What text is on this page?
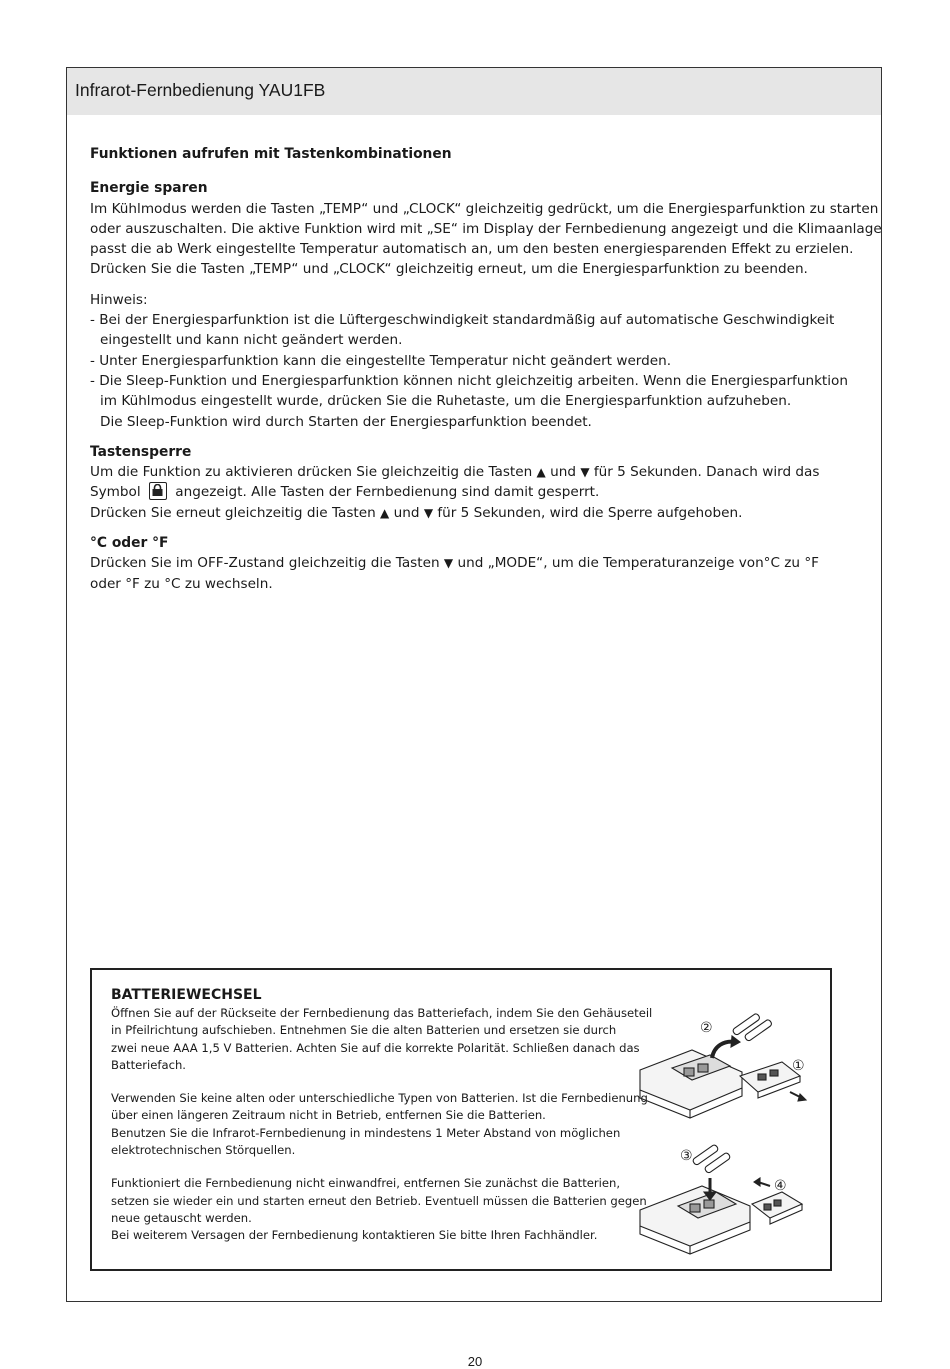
Infrarot-Fernbedienung YAU1FB

Funktionen aufrufen mit Tastenkombinationen

Energie sparen

Im Kühlmodus werden die Tasten „TEMP“ und „CLOCK“ gleichzeitig gedrückt, um die Energiesparfunktion zu starten

oder auszuschalten. Die aktive Funktion wird mit „SE“ im Display der Fernbedienung angezeigt und die Klimaanlage

passt die ab Werk eingestellte Temperatur automatisch an, um den besten energiesparenden Effekt zu erzielen.

Drücken Sie die Tasten „TEMP“ und „CLOCK“ gleichzeitig erneut, um die Energiesparfunktion zu beenden.

Hinweis:

- Bei der Energiesparfunktion ist die Lüftergeschwindigkeit standardmäßig auf automatische Geschwindigkeit

eingestellt und kann nicht geändert werden.

- Unter Energiesparfunktion kann die eingestellte Temperatur nicht geändert werden.

- Die Sleep-Funktion und Energiesparfunktion können nicht gleichzeitig arbeiten. Wenn die Energiesparfunktion

im Kühlmodus eingestellt wurde, drücken Sie die Ruhetaste, um die Energiesparfunktion aufzuheben.

Die Sleep-Funktion wird durch Starten der Energiesparfunktion beendet.

Tastensperre

Um die Funktion zu aktivieren drücken Sie gleichzeitig die Tasten ▲ und ▼ für 5 Sekunden. Danach wird das

Symbol	angezeigt. Alle Tasten der Fernbedienung sind damit gesperrt.

Drücken Sie erneut gleichzeitig die Tasten ▲ und ▼ für 5 Sekunden, wird die Sperre aufgehoben.

°C oder °F

Drücken Sie im OFF-Zustand gleichzeitig die Tasten ▼ und „MODE“, um die Temperaturanzeige von°C zu °F

oder °F zu °C zu wechseln.

BATTERIEWECHSEL

Öffnen Sie auf der Rückseite der Fernbedienung das Batteriefach, indem Sie den Gehäuseteil

in Pfeilrichtung aufschieben. Entnehmen Sie die alten Batterien und ersetzen sie durch

zwei neue AAA 1,5 V Batterien. Achten Sie auf die korrekte Polarität. Schließen danach das

Batteriefach.

Verwenden Sie keine alten oder unterschiedliche Typen von Batterien. Ist die Fernbedienung

über einen längeren Zeitraum nicht in Betrieb, entfernen Sie die Batterien.

Benutzen Sie die Infrarot-Fernbedienung in mindestens 1 Meter Abstand von möglichen

elektrotechnischen Störquellen.

Funktioniert die Fernbedienung nicht einwandfrei, entfernen Sie zunächst die Batterien,

setzen sie wieder ein und starten erneut den Betrieb. Eventuell müssen die Batterien gegen

neue getauscht werden.

Bei weiterem Versagen der Fernbedienung kontaktieren Sie bitte Ihren Fachhändler.

②
①
③
④
20
